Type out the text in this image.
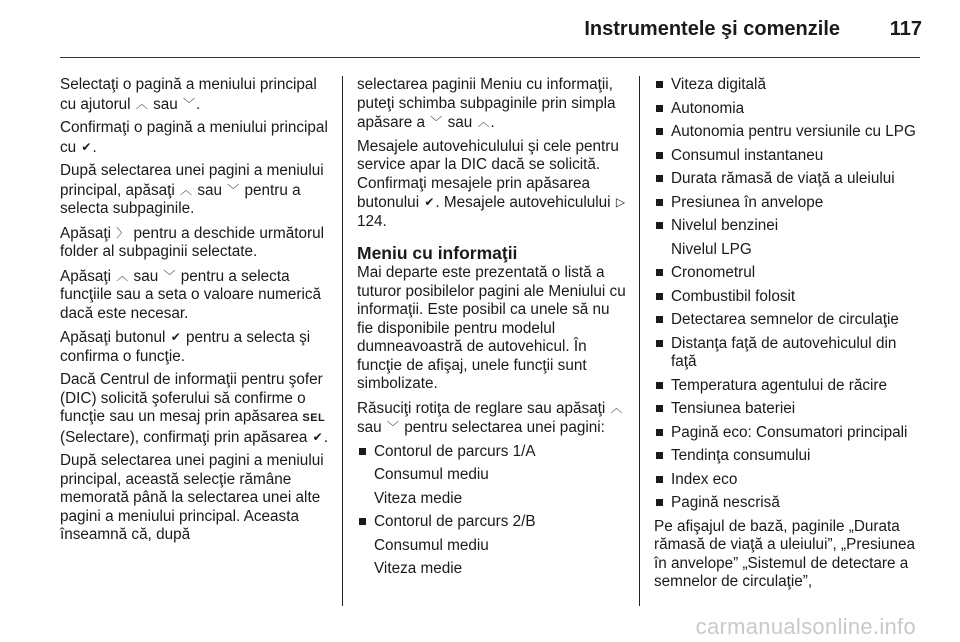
Instrumentele şi comenzile 117

Selectaţi o pagină a meniului principal cu ajutorul ︿ sau ﹀.

Confirmaţi o pagină a meniului principal cu ✔.

După selectarea unei pagini a meniului principal, apăsaţi ︿ sau ﹀ pentru a selecta subpaginile.

Apăsaţi 〉 pentru a deschide următorul folder al subpaginii selectate.

Apăsaţi ︿ sau ﹀ pentru a selecta funcţiile sau a seta o valoare numerică dacă este necesar.

Apăsaţi butonul ✔ pentru a selecta şi confirma o funcţie.

Dacă Centrul de informaţii pentru şofer (DIC) solicită şoferului să confirme o funcţie sau un mesaj prin apăsarea SEL (Selectare), confirmaţi prin apăsarea ✔.

După selectarea unei pagini a meniului principal, această selecţie rămâne memorată până la selectarea unei alte pagini a meniului principal. Aceasta înseamnă că, după

selectarea paginii Meniu cu informaţii, puteţi schimba subpaginile prin simpla apăsare a ﹀ sau ︿.

Mesajele autovehiculului şi cele pentru service apar la DIC dacă se solicită. Confirmaţi mesajele prin apăsarea butonului ✔. Mesajele autovehiculului ▷ 124.

Meniu cu informaţii

Mai departe este prezentată o listă a tuturor posibilelor pagini ale Meniului cu informaţii. Este posibil ca unele să nu fie disponibile pentru modelul dumneavoastră de autovehicul. În funcţie de afişaj, unele funcţii sunt simbolizate.

Răsuciţi rotiţa de reglare sau apăsaţi ︿ sau ﹀ pentru selectarea unei pagini:

Contorul de parcurs 1/A
Consumul mediu
Viteza medie
Contorul de parcurs 2/B
Consumul mediu
Viteza medie
Viteza digitală
Autonomia
Autonomia pentru versiunile cu LPG
Consumul instantaneu
Durata rămasă de viaţă a uleiului
Presiunea în anvelope
Nivelul benzinei
Nivelul LPG
Cronometrul
Combustibil folosit
Detectarea semnelor de circulaţie
Distanţa faţă de autovehiculul din faţă
Temperatura agentului de răcire
Tensiunea bateriei
Pagină eco: Consumatori principali
Tendinţa consumului
Index eco
Pagină nescrisă

Pe afişajul de bază, paginile „Durata rămasă de viaţă a uleiului”, „Presiunea în anvelope” „Sistemul de detectare a semnelor de circulaţie”,

carmanualsonline.info
